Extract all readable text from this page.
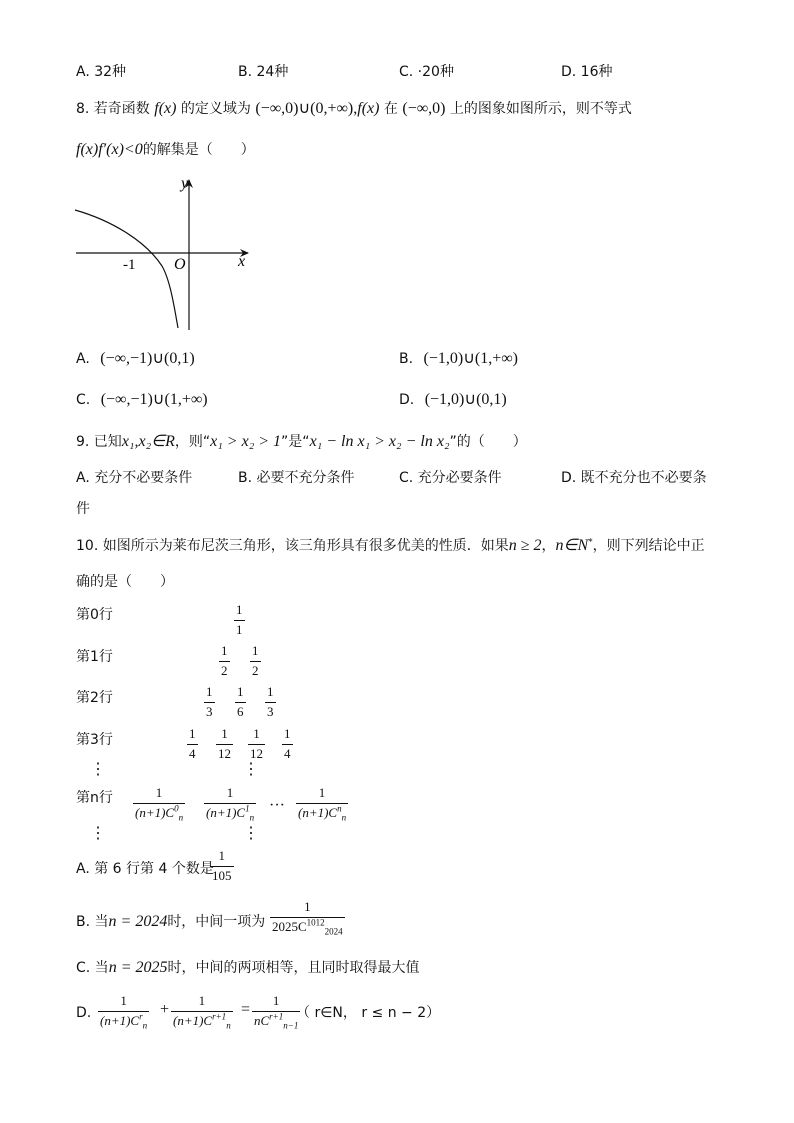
A. 32种	B. 24种	C. ·20种	D. 16种
8. 若奇函数 f(x) 的定义域为 (−∞,0)∪(0,+∞),f(x) 在 (−∞,0) 上的图象如图所示，则不等式
f(x)f′(x)<0的解集是（　　）
y
x
O
-1
A. (−∞,−1)∪(0,1)	B. (−1,0)∪(1,+∞)
C. (−∞,−1)∪(1,+∞)	D. (−1,0)∪(0,1)
9. 已知x₁,x₂∈R，则“x₁ > x₂ > 1”是“x₁ − ln x₁ > x₂ − ln x₂”的（　　）
A. 充分不必要条件	B. 必要不充分条件	C. 充分必要条件	D. 既不充分也不必要条
件
10. 如图所示为莱布尼茨三角形，该三角形具有很多优美的性质．如果n ≥ 2，n∈N*，则下列结论中正
确的是（　　）
第0行
第1行
第2行
第3行
⋮
第n行
⋮
$\frac{1}{1}$
$\frac{1}{2} \frac{1}{2}$
$\frac{1}{3} \frac{1}{6} \frac{1}{3}$
$\frac{1}{4} \frac{1}{12} \frac{1}{12} \frac{1}{4}$
⋮
$\frac{1}{(n+1)C^0_n} \frac{1}{(n+1)C^1_n}$ ···
1
$(n+1)C^n_n$
⋮
A. 第 6 行第 4 个数是
$\frac{1}{105}$
B. 当n = 2024时，中间一项为 $\frac{1}{2025C^{1012}_{2024}}$
C. 当n = 2025时，中间的两项相等，且同时取得最大值
D.
1
$(n+1)C^r_n$
+ $\frac{1}{(n+1)C^{r+1}_n}$ =
1
$nC^{r+1}_{n-1}$
（ r∈N， r ≤ n − 2）
